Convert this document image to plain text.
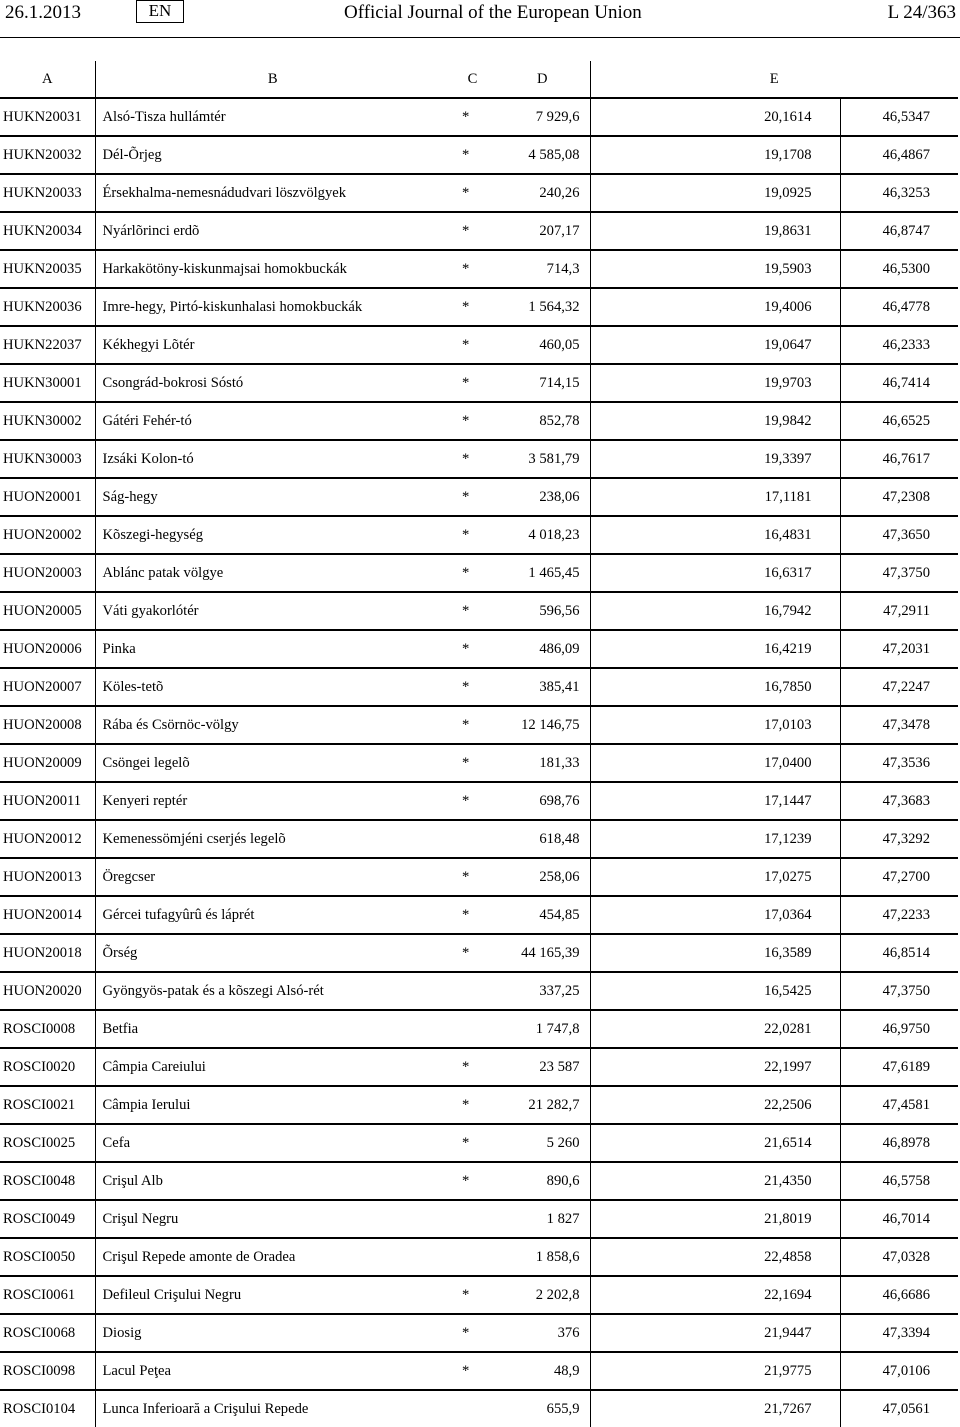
26.1.2013	EN	Official Journal of the European Union	L 24/363
A	B	C	D	E	
HUKN20031	Alsó-Tisza hullámtér	*	7 929,6	20,1614	46,5347
HUKN20032	Dél-Õrjeg	*	4 585,08	19,1708	46,4867
HUKN20033	Érsekhalma-nemesnádudvari löszvölgyek	*	240,26	19,0925	46,3253
HUKN20034	Nyárlõrinci erdõ	*	207,17	19,8631	46,8747
HUKN20035	Harkakötöny-kiskunmajsai homokbuckák	*	714,3	19,5903	46,5300
HUKN20036	Imre-hegy, Pirtó-kiskunhalasi homokbuckák	*	1 564,32	19,4006	46,4778
HUKN22037	Kékhegyi Lõtér	*	460,05	19,0647	46,2333
HUKN30001	Csongrád-bokrosi Sóstó	*	714,15	19,9703	46,7414
HUKN30002	Gátéri Fehér-tó	*	852,78	19,9842	46,6525
HUKN30003	Izsáki Kolon-tó	*	3 581,79	19,3397	46,7617
HUON20001	Ság-hegy	*	238,06	17,1181	47,2308
HUON20002	Kõszegi-hegység	*	4 018,23	16,4831	47,3650
HUON20003	Ablánc patak völgye	*	1 465,45	16,6317	47,3750
HUON20005	Váti gyakorlótér	*	596,56	16,7942	47,2911
HUON20006	Pinka	*	486,09	16,4219	47,2031
HUON20007	Köles-tetõ	*	385,41	16,7850	47,2247
HUON20008	Rába és Csörnöc-völgy	*	12 146,75	17,0103	47,3478
HUON20009	Csöngei legelõ	*	181,33	17,0400	47,3536
HUON20011	Kenyeri reptér	*	698,76	17,1447	47,3683
HUON20012	Kemenessömjéni cserjés legelõ		618,48	17,1239	47,3292
HUON20013	Öregcser	*	258,06	17,0275	47,2700
HUON20014	Gércei tufagyûrû és láprét	*	454,85	17,0364	47,2233
HUON20018	Õrség	*	44 165,39	16,3589	46,8514
HUON20020	Gyöngyös-patak és a kõszegi Alsó-rét		337,25	16,5425	47,3750
ROSCI0008	Betfia		1 747,8	22,0281	46,9750
ROSCI0020	Câmpia Careiului	*	23 587	22,1997	47,6189
ROSCI0021	Câmpia Ierului	*	21 282,7	22,2506	47,4581
ROSCI0025	Cefa	*	5 260	21,6514	46,8978
ROSCI0048	Crişul Alb	*	890,6	21,4350	46,5758
ROSCI0049	Crişul Negru		1 827	21,8019	46,7014
ROSCI0050	Crişul Repede amonte de Oradea		1 858,6	22,4858	47,0328
ROSCI0061	Defileul Crişului Negru	*	2 202,8	22,1694	46,6686
ROSCI0068	Diosig	*	376	21,9447	47,3394
ROSCI0098	Lacul Peţea	*	48,9	21,9775	47,0106
ROSCI0104	Lunca Inferioară a Crişului Repede		655,9	21,7267	47,0561
